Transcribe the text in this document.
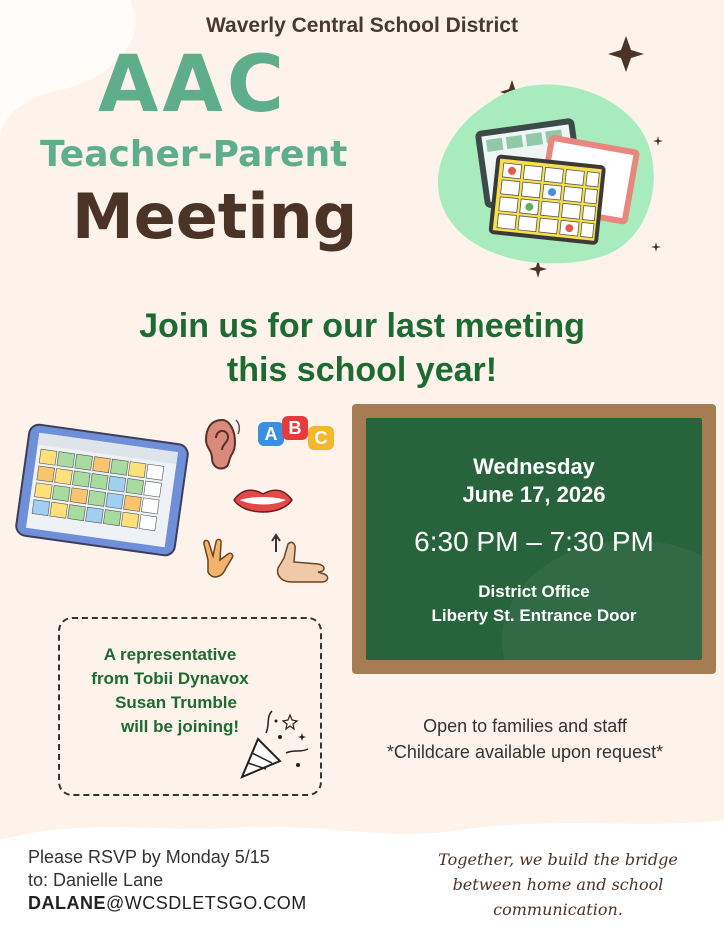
Waverly Central School District
AAC
Teacher-Parent
Meeting
Join us for our last meeting
this school year!
A B C
Wednesday
June 17, 2026
6:30 PM – 7:30 PM
District Office
Liberty St. Entrance Door
A representative
from Tobii Dynavox
Susan Trumble
will be joining!	Open to families and staff
*Childcare available upon request*
Please RSVP by Monday 5/15
to: Danielle Lane
DALANE@WCSDLETSGO.COM
Together, we build the bridge
between home and school
communication.
